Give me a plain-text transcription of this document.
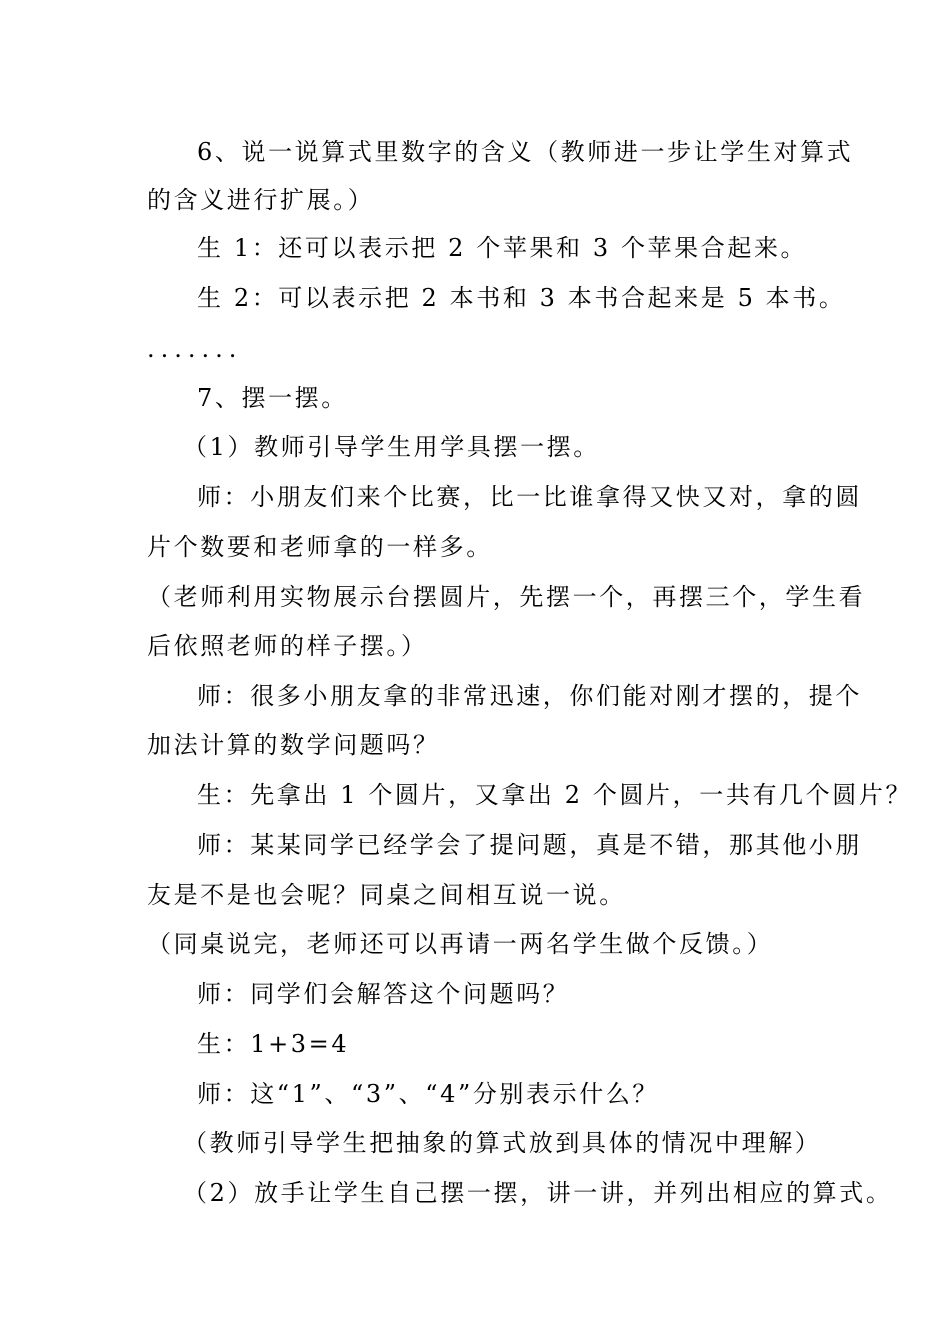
6、说一说算式里数字的含义（教师进一步让学生对算式
的含义进行扩展。）
生 1：还可以表示把 2 个苹果和 3 个苹果合起来。
生 2：可以表示把 2 本书和 3 本书合起来是 5 本书。
.......
7、摆一摆。
（1）教师引导学生用学具摆一摆。
师：小朋友们来个比赛，比一比谁拿得又快又对，拿的圆
片个数要和老师拿的一样多。
（老师利用实物展示台摆圆片，先摆一个，再摆三个，学生看
后依照老师的样子摆。）
师：很多小朋友拿的非常迅速，你们能对刚才摆的，提个
加法计算的数学问题吗？
生：先拿出 1 个圆片，又拿出 2 个圆片，一共有几个圆片？
师：某某同学已经学会了提问题，真是不错，那其他小朋
友是不是也会呢？同桌之间相互说一说。
（同桌说完，老师还可以再请一两名学生做个反馈。）
师：同学们会解答这个问题吗？
生：1+3=4
师：这“1”、“3”、“4”分别表示什么？
（教师引导学生把抽象的算式放到具体的情况中理解）
（2）放手让学生自己摆一摆，讲一讲，并列出相应的算式。
